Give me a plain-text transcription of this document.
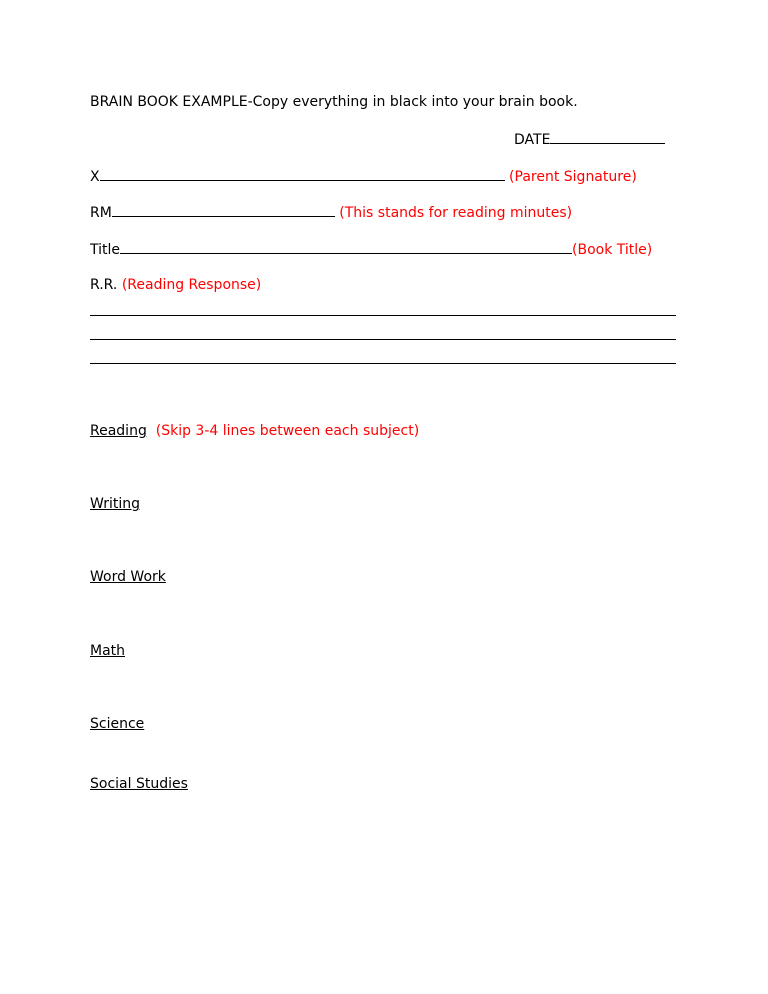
BRAIN BOOK EXAMPLE-Copy everything in black into your brain book.
DATE
X	(Parent Signature)
RM	(This stands for reading minutes)
Title	(Book Title)
R.R. (Reading Response)
Reading (Skip 3-4 lines between each subject)
Writing
Word Work
Math
Science
Social Studies
